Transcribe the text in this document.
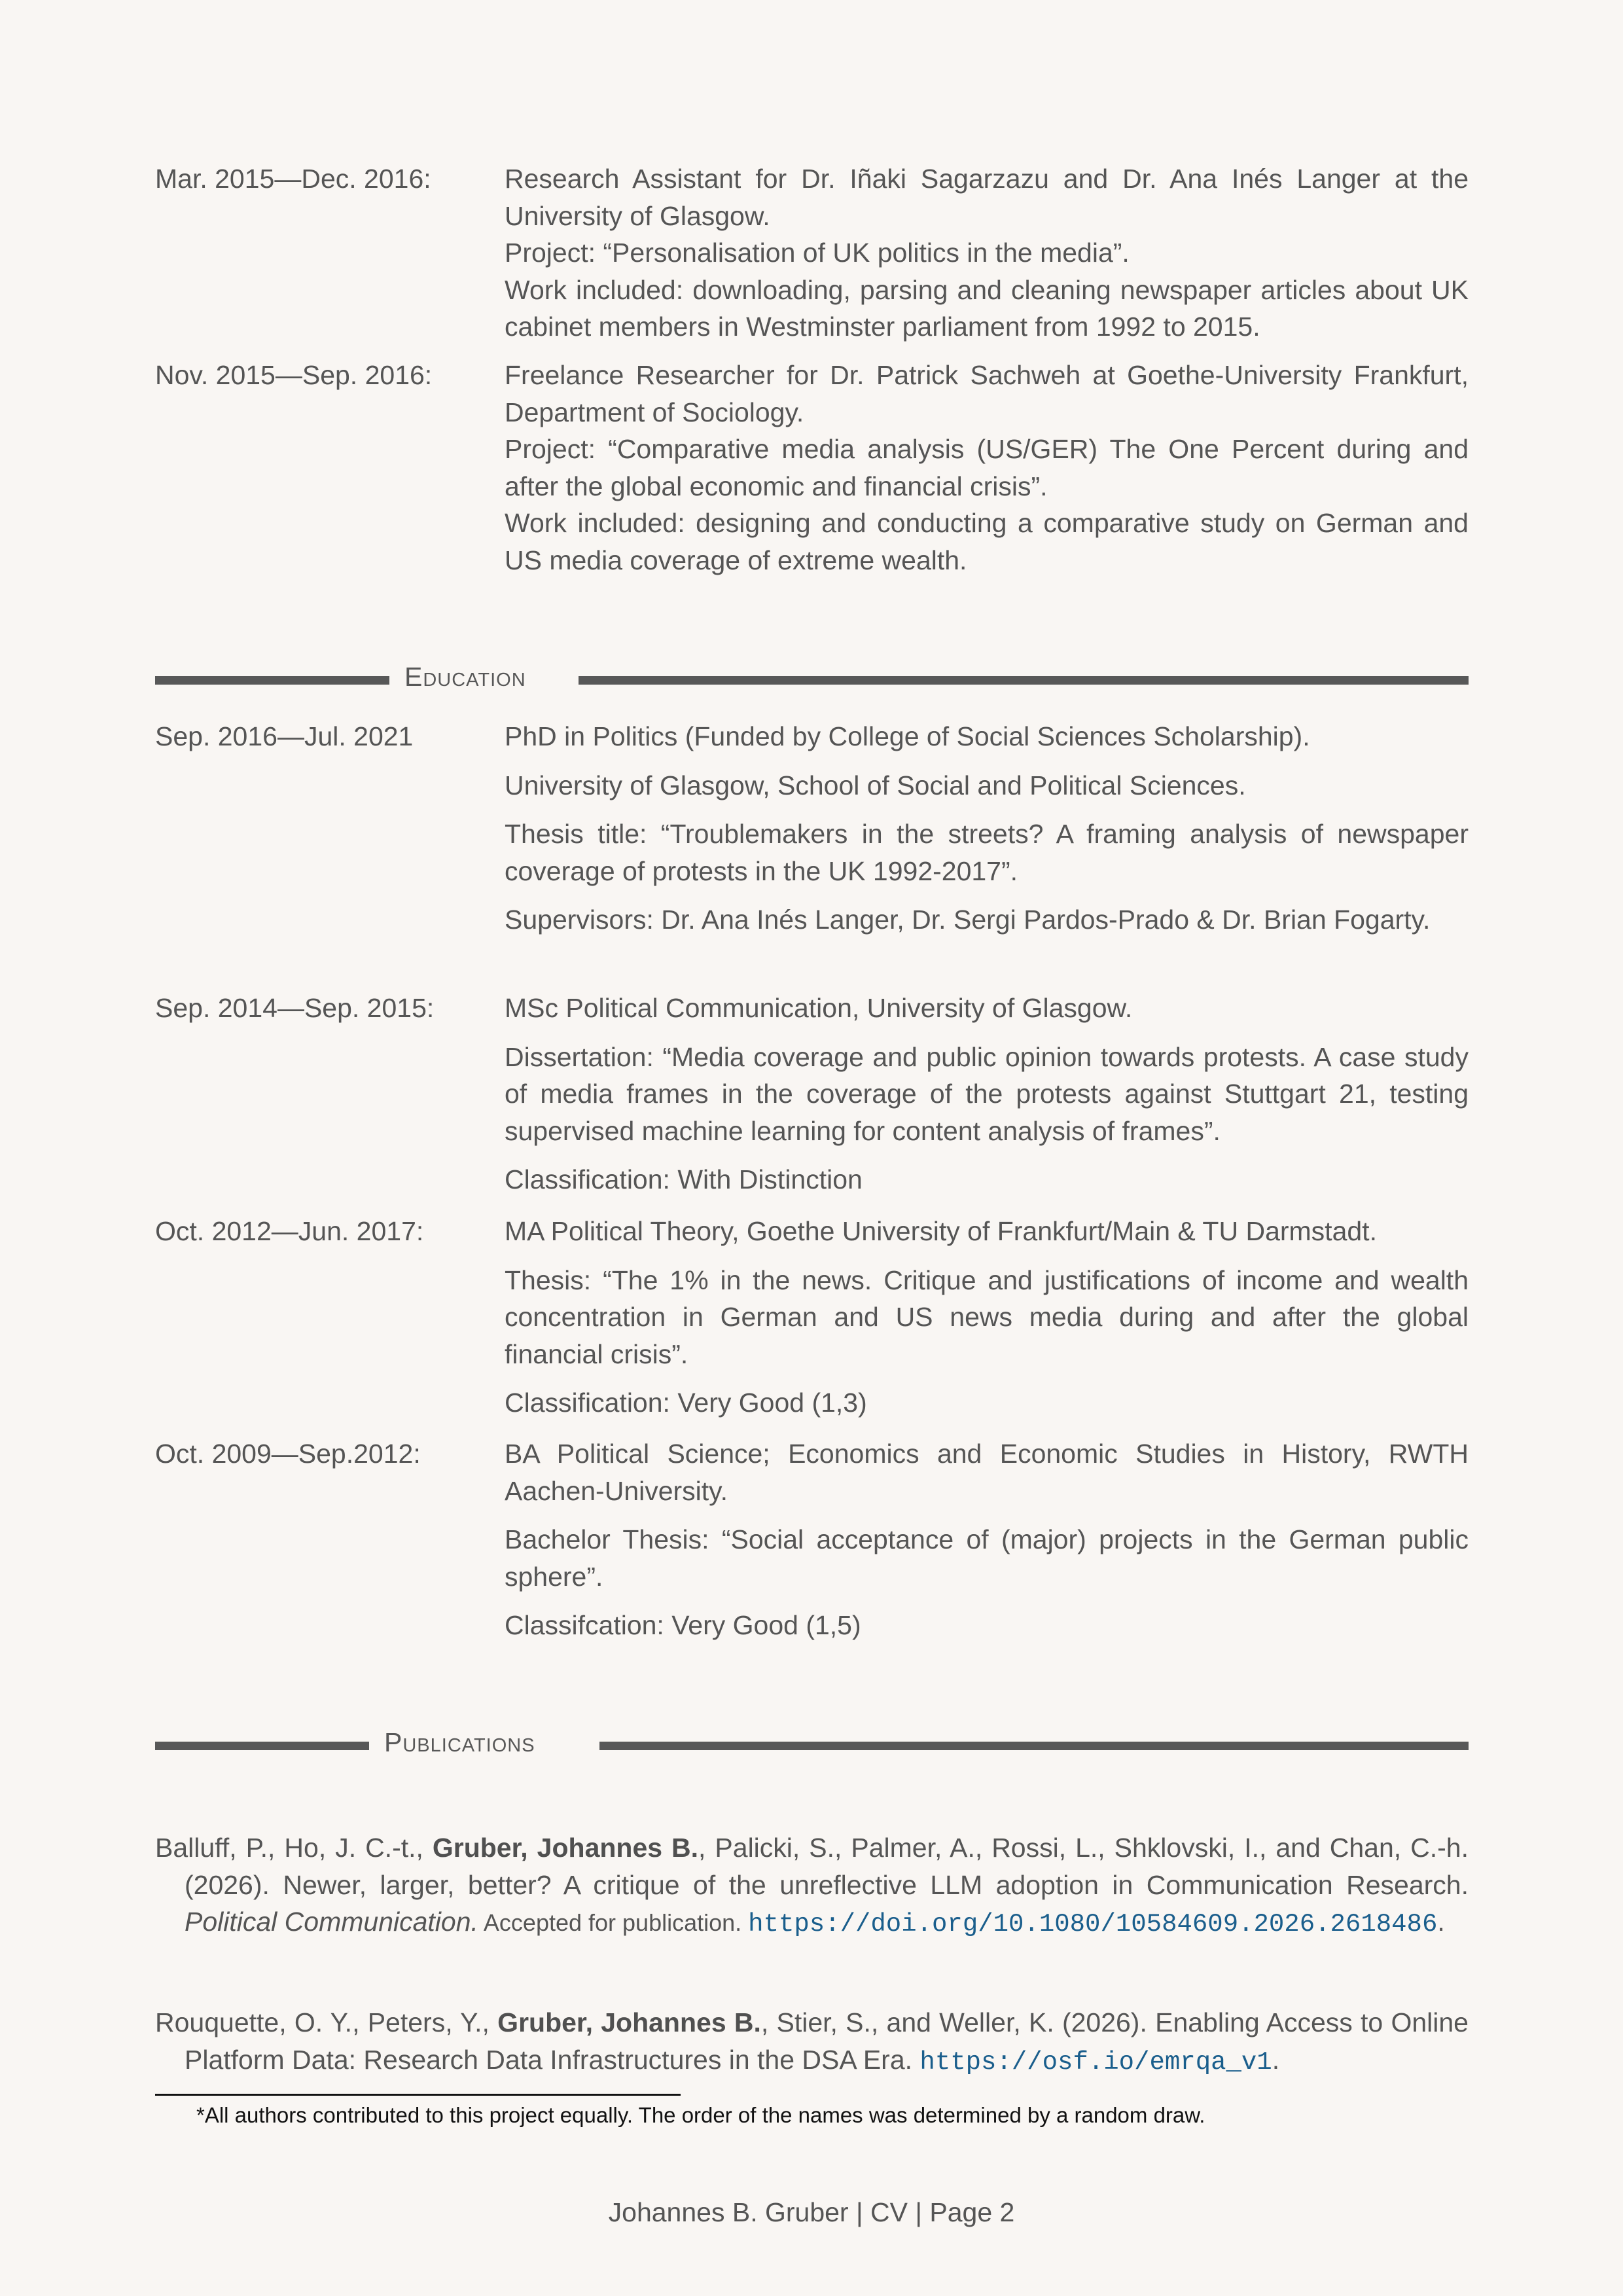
Mar. 2015—Dec. 2016:	Research Assistant for Dr. Iñaki Sagarzazu and Dr. Ana Inés Langer at the University of Glasgow.

Project: “Personalisation of UK politics in the media”.

Work included: downloading, parsing and cleaning newspaper articles about UK cabinet members in Westminster parliament from 1992 to 2015.

Nov. 2015—Sep. 2016:	Freelance Researcher for Dr. Patrick Sachweh at Goethe-University Frankfurt, Department of Sociology.

Project: “Comparative media analysis (US/GER) The One Percent during and after the global economic and financial crisis”.

Work included: designing and conducting a comparative study on German and US media coverage of extreme wealth.

Education
Sep. 2016—Jul. 2021	PhD in Politics (Funded by College of Social Sciences Scholarship).

University of Glasgow, School of Social and Political Sciences.

Thesis title: “Troublemakers in the streets? A framing analysis of newspaper coverage of protests in the UK 1992-2017”.

Supervisors: Dr. Ana Inés Langer, Dr. Sergi Pardos-Prado & Dr. Brian Fogarty.

Sep. 2014—Sep. 2015:	MSc Political Communication, University of Glasgow.

Dissertation: “Media coverage and public opinion towards protests. A case study of media frames in the coverage of the protests against Stuttgart 21, testing supervised machine learning for content analysis of frames”.

Classification: With Distinction

Oct. 2012—Jun. 2017:	MA Political Theory, Goethe University of Frankfurt/Main & TU Darmstadt.

Thesis: “The 1% in the news. Critique and justifications of income and wealth concentration in German and US news media during and after the global financial crisis”.

Classification: Very Good (1,3)

Oct. 2009—Sep.2012:	BA Political Science; Economics and Economic Studies in History, RWTH Aachen-University.

Bachelor Thesis: “Social acceptance of (major) projects in the German public sphere”.

Classifcation: Very Good (1,5)

Publications
Balluff, P., Ho, J. C.-t., Gruber, Johannes B., Palicki, S., Palmer, A., Rossi, L., Shklovski, I., and Chan, C.-h. (2026). Newer, larger, better? A critique of the unreflective LLM adoption in Communication Research. Political Communication. Accepted for publication. https://doi.org/10.1080/10584609.2026.2618486.
Rouquette, O. Y., Peters, Y., Gruber, Johannes B., Stier, S., and Weller, K. (2026). Enabling Access to Online Platform Data: Research Data Infrastructures in the DSA Era. https://osf.io/emrqa_v1.
*All authors contributed to this project equally. The order of the names was determined by a random draw.
Johannes B. Gruber | CV | Page 2
